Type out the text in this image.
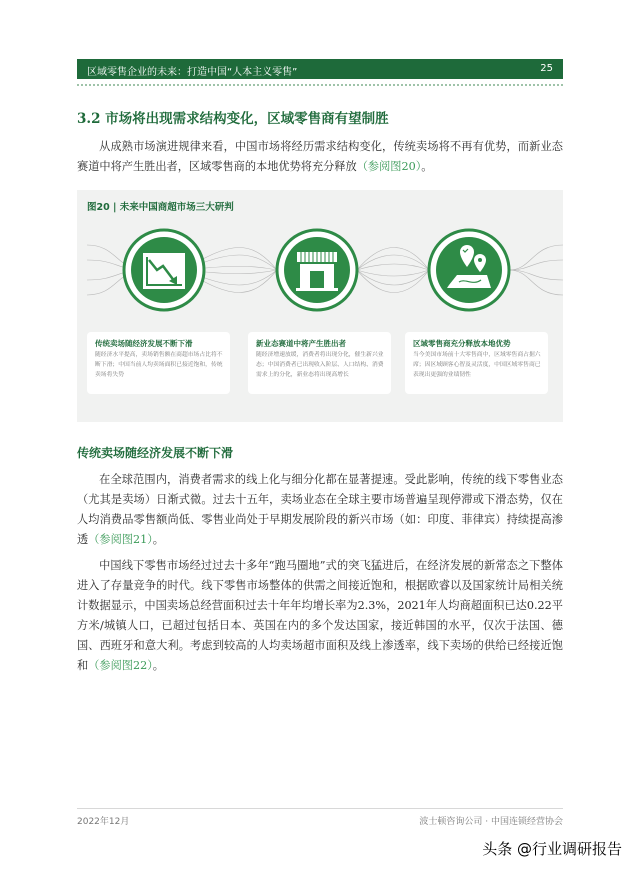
区域零售企业的未来：打造中国“人本主义零售”	25
3.2 市场将出现需求结构变化，区域零售商有望制胜
从成熟市场演进规律来看，中国市场将经历需求结构变化，传统卖场将不再有优势，而新业态赛道中将产生胜出者，区域零售商的本地优势将充分释放（参阅图20）。
图20 | 未来中国商超市场三大研判
传统卖场随经济发展不断下滑
随经济水平提高，卖场销售额在商超市场占比将不断下滑；中国当前人均卖场面积已接近饱和，传统卖场将失势
新业态赛道中将产生胜出者
随经济增速放缓，消费者将出现分化，催生新兴业态；中国消费者已出现收入阶层、人口结构、消费需求上的分化，新业态将出现高增长
区域零售商充分释放本地优势
当今美国市场前十大零售商中，区域零售商占据六席；因区域顾客心智及灵活度，中国区域零售商已表现出更强的业绩韧性
传统卖场随经济发展不断下滑
在全球范围内，消费者需求的线上化与细分化都在显著提速。受此影响，传统的线下零售业态（尤其是卖场）日渐式微。过去十五年，卖场业态在全球主要市场普遍呈现停滞或下滑态势，仅在人均消费品零售额尚低、零售业尚处于早期发展阶段的新兴市场（如：印度、菲律宾）持续提高渗透（参阅图21）。
中国线下零售市场经过过去十多年“跑马圈地”式的突飞猛进后，在经济发展的新常态之下整体进入了存量竞争的时代。线下零售市场整体的供需之间接近饱和，根据欧睿以及国家统计局相关统计数据显示，中国卖场总经营面积过去十年年均增长率为2.3%，2021年人均商超面积已达0.22平方米/城镇人口，已超过包括日本、英国在内的多个发达国家，接近韩国的水平，仅次于法国、德国、西班牙和意大利。考虑到较高的人均卖场超市面积及线上渗透率，线下卖场的供给已经接近饱和（参阅图22）。
2022年12月	波士顿咨询公司 · 中国连锁经营协会
头条 @行业调研报告
